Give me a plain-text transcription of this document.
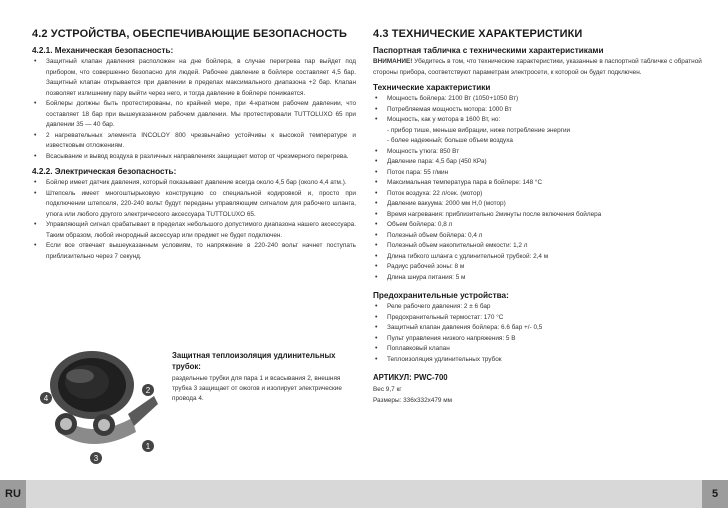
4.2 УСТРОЙСТВА, ОБЕСПЕЧИВАЮЩИЕ БЕЗОПАСНОСТЬ
4.2.1. Механическая безопасность:
• Защитный клапан давления расположен на дне бойлера, в случае перегрева пар выйдет под прибором, что совершенно безопасно для людей. Рабочее давление в бойлере составляет 4,5 бар. Защитный клапан открывается при давлении в пределах максимального диапазона +2 бар. Клапан позволяет излишнему пару выйти через него, и тогда давление в бойлере понижается.
• Бойлеры должны быть протестированы, по крайней мере, при 4-кратном рабочем давлении, что составляет 18 бар при вышеуказанном рабочем давлении. Мы протестировали TUTTOLUXO 65 при давлении 35 — 40 бар.
• 2 нагревательных элемента INCOLOY 800 чрезвычайно устойчивы к высокой температуре и известковым отложениям.
• Всасывание и вывод воздуха в различных направлениях защищает мотор от чрезмерного перегрева.
4.2.2. Электрическая безопасность:
• Бойлер имеет датчик давления, который показывает давление всегда около 4,5 бар (около 4,4 атм.).
• Штепсель имеет многоштырьковую конструкцию со специальной кодировкой и, просто при подключении штепселя, 220-240 вольт будут переданы управляющим сигналом для рабочего шланга, утюга или любого другого электрического аксессуара TUTTOLUXO 65.
• Управляющий сигнал срабатывает в пределах небольшого допустимого диапазона нашего аксессуара. Таким образом, любой инородный аксессуар или предмет не будет подключен.
• Если все отвечает вышеуказанным условиям, то напряжение в 220-240 вольт начнет поступать приблизительно через 7 секунд.
4
2
1
3
Защитная теплоизоляция удлинительных трубок:
раздельные трубки для пара 1 и всасывания 2, внешняя трубка 3 защищает от ожогов и изолирует электрические провода 4.
4.3 ТЕХНИЧЕСКИЕ ХАРАКТЕРИСТИКИ
Паспортная табличка с техническими характеристиками

ВНИМАНИЕ! Убедитесь в том, что технические характеристики, указанные в паспортной табличке с обратной стороны прибора, соответствуют параметрам электросети, к которой он будет подключен.

Технические характеристики
• Мощность бойлера: 2100 Вт (1050+1050 Вт)
• Потребляемая мощность мотора: 1000 Вт
• Мощность, как у мотора в 1600 Вт, но:
- прибор тише, меньше вибрации, ниже потребление энергии
- более надежный; больше объем воздуха
• Мощность утюга: 850 Вт
• Давление пара: 4,5 бар (450 КРа)
• Поток пара: 55 г/мин
• Максимальная температура пара в бойлере: 148 °С
• Поток воздуха: 22 л/сек. (мотор)
• Давление вакуума: 2000 мм Н,0 (мотор)
• Время нагревания: приблизительно 2минуты после включения бойлера
• Объем бойлера: 0,8 л
• Полезный объем бойлера: 0,4 л
• Полезный объем накопительной емкости: 1,2 л
• Длина гибкого шланга с удлинительной трубкой: 2,4 м
• Радиус рабочей зоны: 8 м
• Длина шнура питания: 5 м
Предохранительные устройства:
• Реле рабочего давления: 2 ± 6 бар
• Предохранительный термостат: 170 °С
• Защитный клапан давления бойлера: 6.6 бар +/- 0,5
• Пульт управления низкого напряжения: 5 В
• Поплавковый клапан
• Теплоизоляция удлинительных трубок
АРТИКУЛ: PWC-700

Вес 9,7 кг

Размеры: 336x332x479 мм

RU	5
